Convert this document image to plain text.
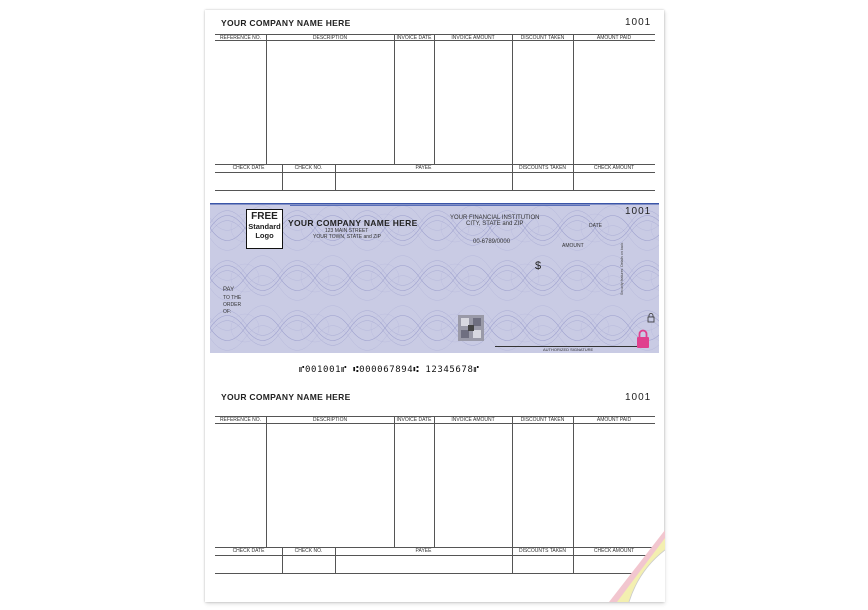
YOUR COMPANY NAME HERE	1001
REFERENCE NO.	DESCRIPTION	INVOICE DATE	INVOICE AMOUNT	DISCOUNT TAKEN	AMOUNT PAID
CHECK DATE	CHECK NO.	PAYEE	DISCOUNTS TAKEN	CHECK AMOUNT
FREE
Standard
Logo
YOUR COMPANY NAME HERE
123 MAIN STREET
YOUR TOWN, STATE and ZIP
YOUR FINANCIAL INSTITUTION
CITY, STATE and ZIP
00-6789/0000
1001
DATE
AMOUNT
$
PAY
TO THE
ORDER
OF:
AUTHORIZED SIGNATURE
Security features. Details on back.
⑈001001⑈ ⑆000067894⑆ 12345678⑈
YOUR COMPANY NAME HERE	1001
REFERENCE NO.	DESCRIPTION	INVOICE DATE	INVOICE AMOUNT	DISCOUNT TAKEN	AMOUNT PAID
CHECK DATE	CHECK NO.	PAYEE	DISCOUNTS TAKEN	CHECK AMOUNT
